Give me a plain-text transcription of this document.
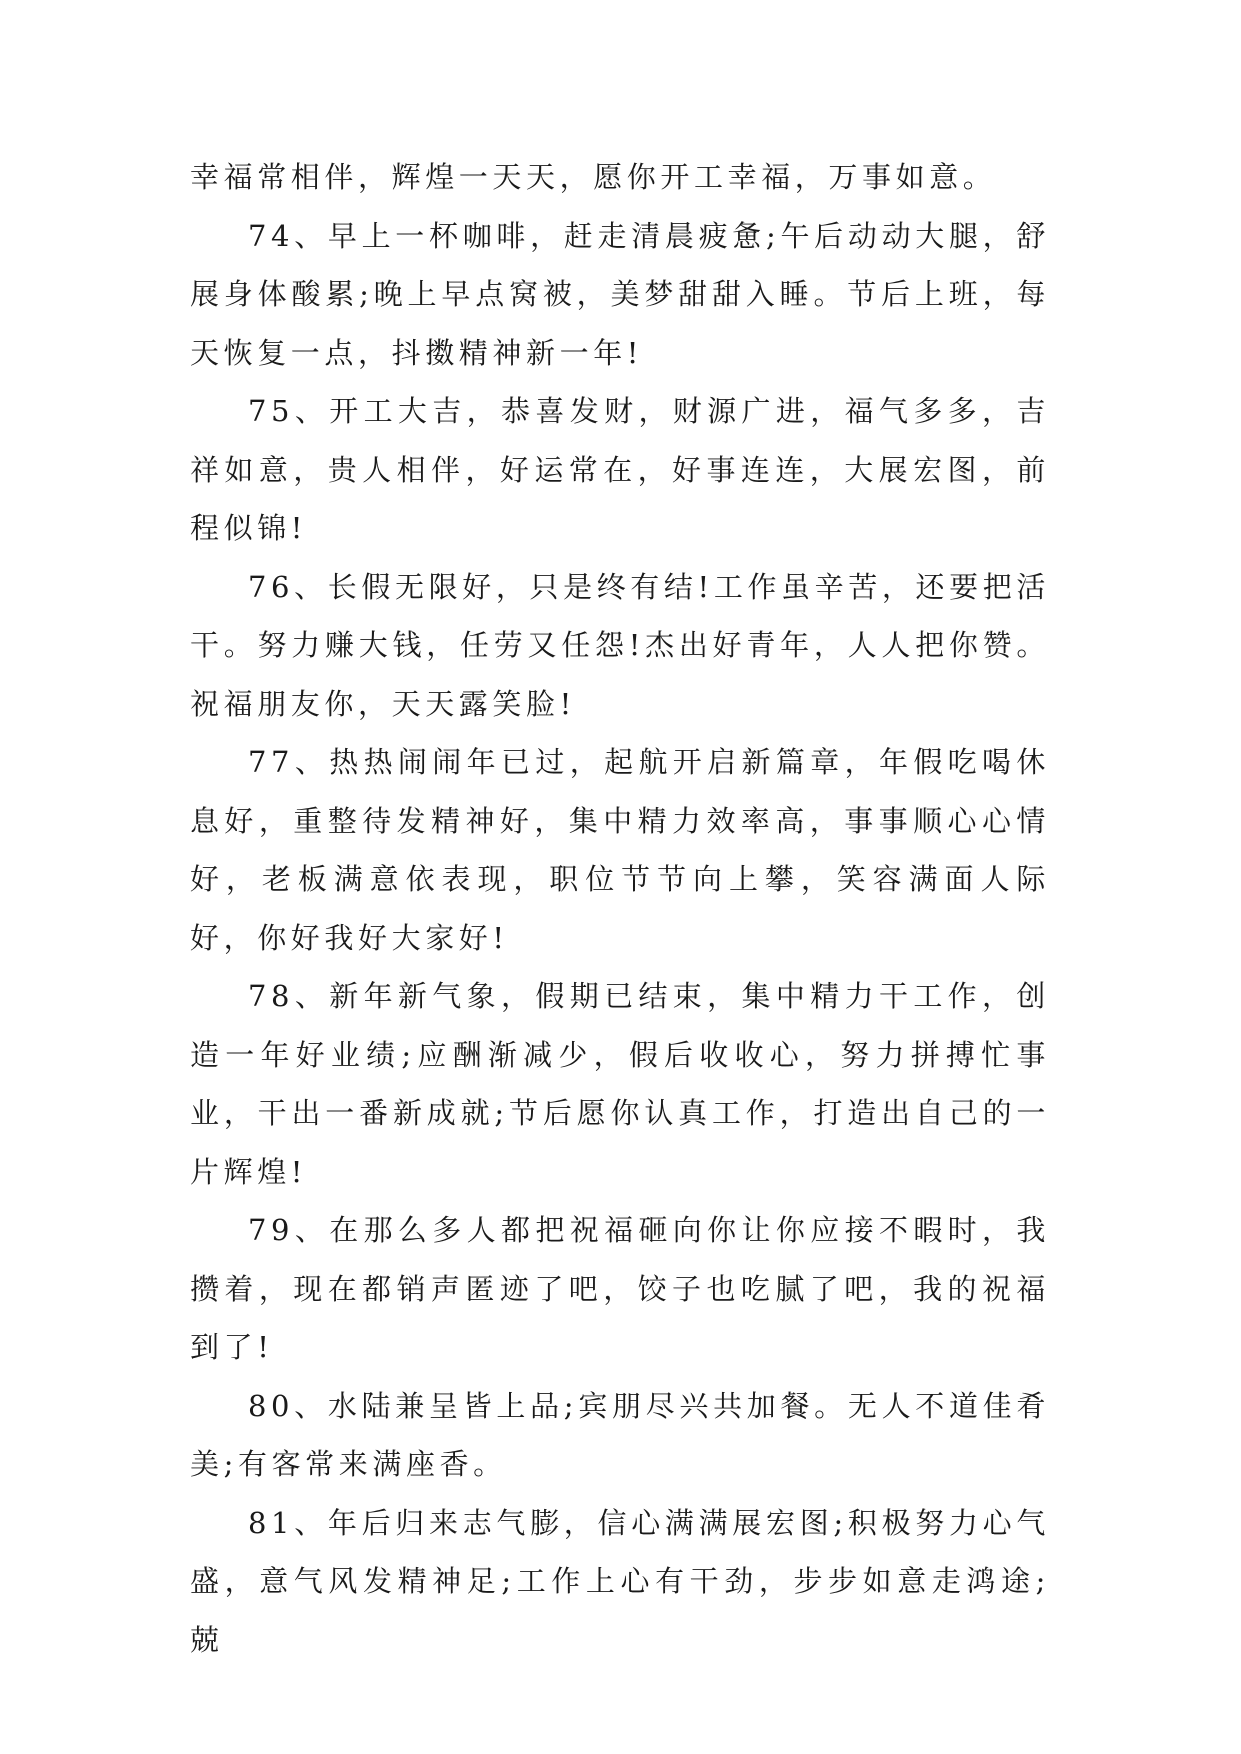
幸福常相伴，辉煌一天天，愿你开工幸福，万事如意。

74、早上一杯咖啡，赶走清晨疲惫;午后动动大腿，舒展身体酸累;晚上早点窝被，美梦甜甜入睡。节后上班，每天恢复一点，抖擞精神新一年!

75、开工大吉，恭喜发财，财源广进，福气多多，吉祥如意，贵人相伴，好运常在，好事连连，大展宏图，前程似锦!

76、长假无限好，只是终有结!工作虽辛苦，还要把活干。努力赚大钱，任劳又任怨!杰出好青年，人人把你赞。祝福朋友你，天天露笑脸!

77、热热闹闹年已过，起航开启新篇章，年假吃喝休息好，重整待发精神好，集中精力效率高，事事顺心心情好，老板满意依表现，职位节节向上攀，笑容满面人际好，你好我好大家好!

78、新年新气象，假期已结束，集中精力干工作，创造一年好业绩;应酬渐减少，假后收收心，努力拼搏忙事业，干出一番新成就;节后愿你认真工作，打造出自己的一片辉煌!

79、在那么多人都把祝福砸向你让你应接不暇时，我攒着，现在都销声匿迹了吧，饺子也吃腻了吧，我的祝福到了!

80、水陆兼呈皆上品;宾朋尽兴共加餐。无人不道佳肴美;有客常来满座香。

81、年后归来志气膨，信心满满展宏图;积极努力心气盛，意气风发精神足;工作上心有干劲，步步如意走鸿途;兢
